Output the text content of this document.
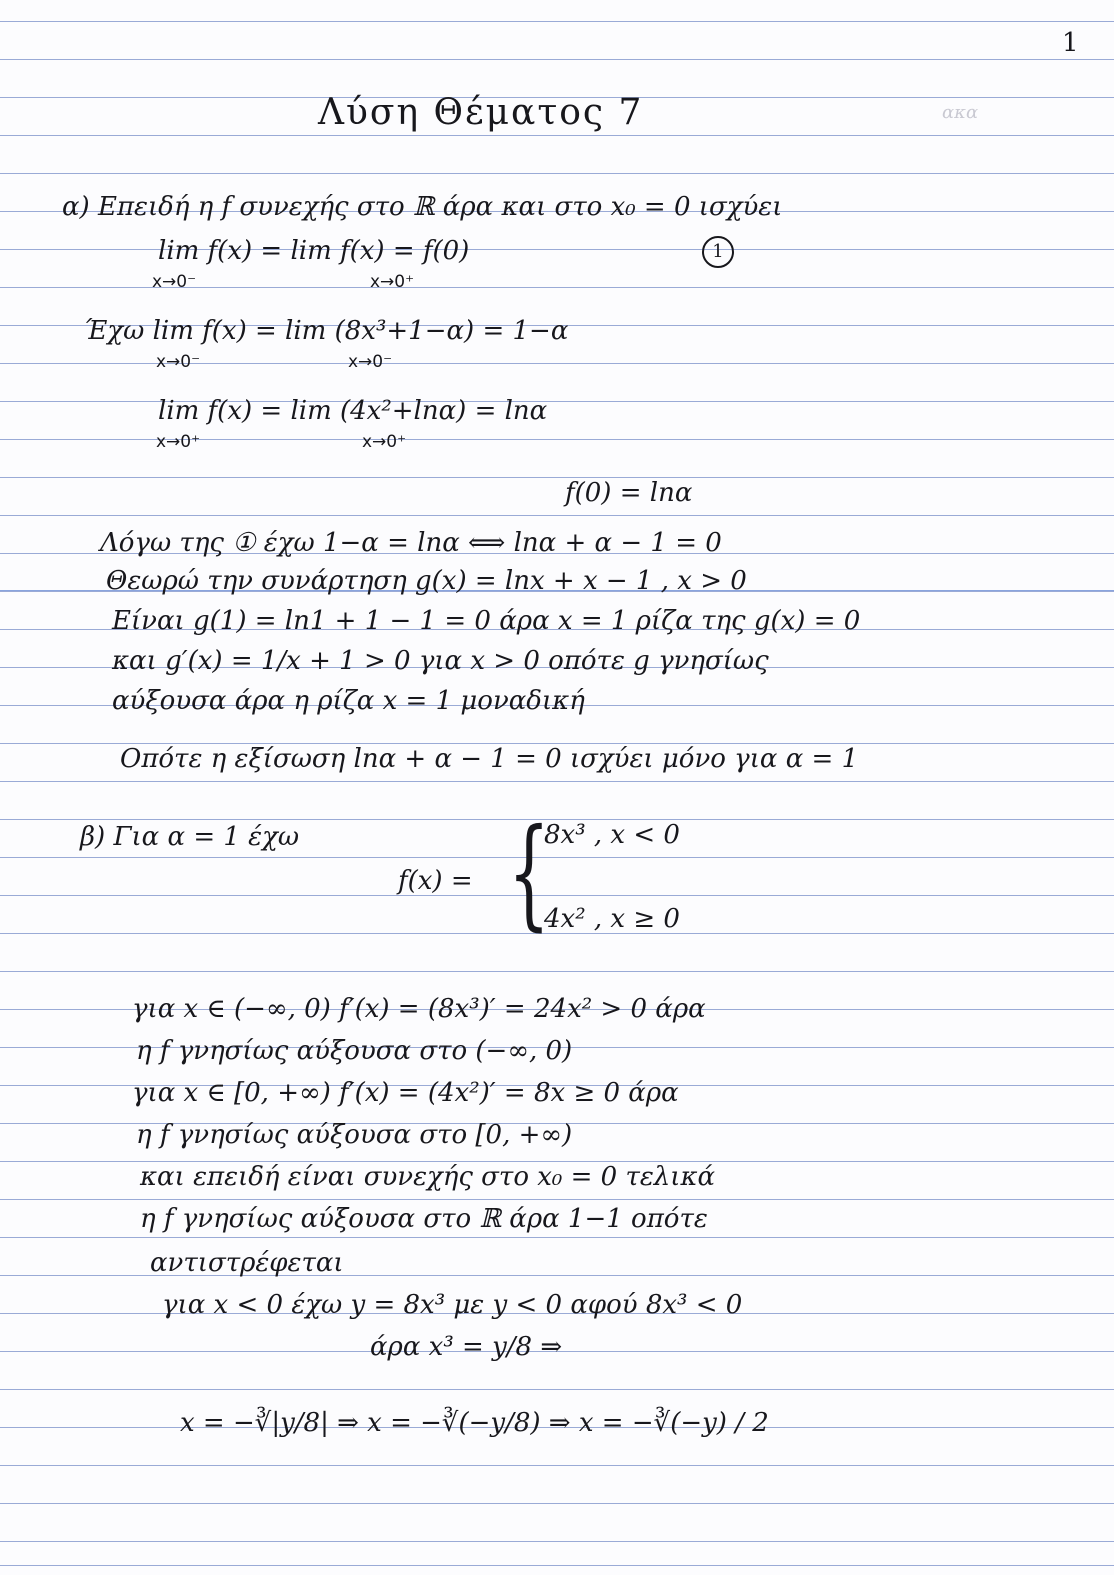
1
Λύση Θέματος 7	ακα
α) Επειδή η f συνεχής στο ℝ άρα και στο x₀ = 0 ισχύει
lim f(x) = lim f(x) = f(0)
x→0⁻	x→0⁺
1
Έχω lim f(x) = lim (8x³+1−α) = 1−α
x→0⁻	x→0⁻
lim f(x) = lim (4x²+lnα) = lnα
x→0⁺	x→0⁺
f(0) = lnα
Λόγω της ① έχω 1−α = lnα ⟺ lnα + α − 1 = 0
Θεωρώ την συνάρτηση g(x) = lnx + x − 1 , x > 0
Είναι g(1) = ln1 + 1 − 1 = 0 άρα x = 1 ρίζα της g(x) = 0
και g′(x) = 1/x + 1 > 0 για x > 0 οπότε g γνησίως
αύξουσα άρα η ρίζα x = 1 μοναδική
Οπότε η εξίσωση lnα + α − 1 = 0 ισχύει μόνο για α = 1
β) Για α = 1 έχω
f(x) = {
8x³ , x < 0
4x² , x ≥ 0
για x ∈ (−∞, 0) f′(x) = (8x³)′ = 24x² > 0 άρα
η f γνησίως αύξουσα στο (−∞, 0)
για x ∈ [0, +∞) f′(x) = (4x²)′ = 8x ≥ 0 άρα
η f γνησίως αύξουσα στο [0, +∞)
και επειδή είναι συνεχής στο x₀ = 0 τελικά
η f γνησίως αύξουσα στο ℝ άρα 1−1 οπότε
αντιστρέφεται
για x < 0 έχω y = 8x³ με y < 0 αφού 8x³ < 0
άρα x³ = y/8 ⇒
x = −∛|y/8| ⇒ x = −∛(−y/8) ⇒ x = −∛(−y) / 2
